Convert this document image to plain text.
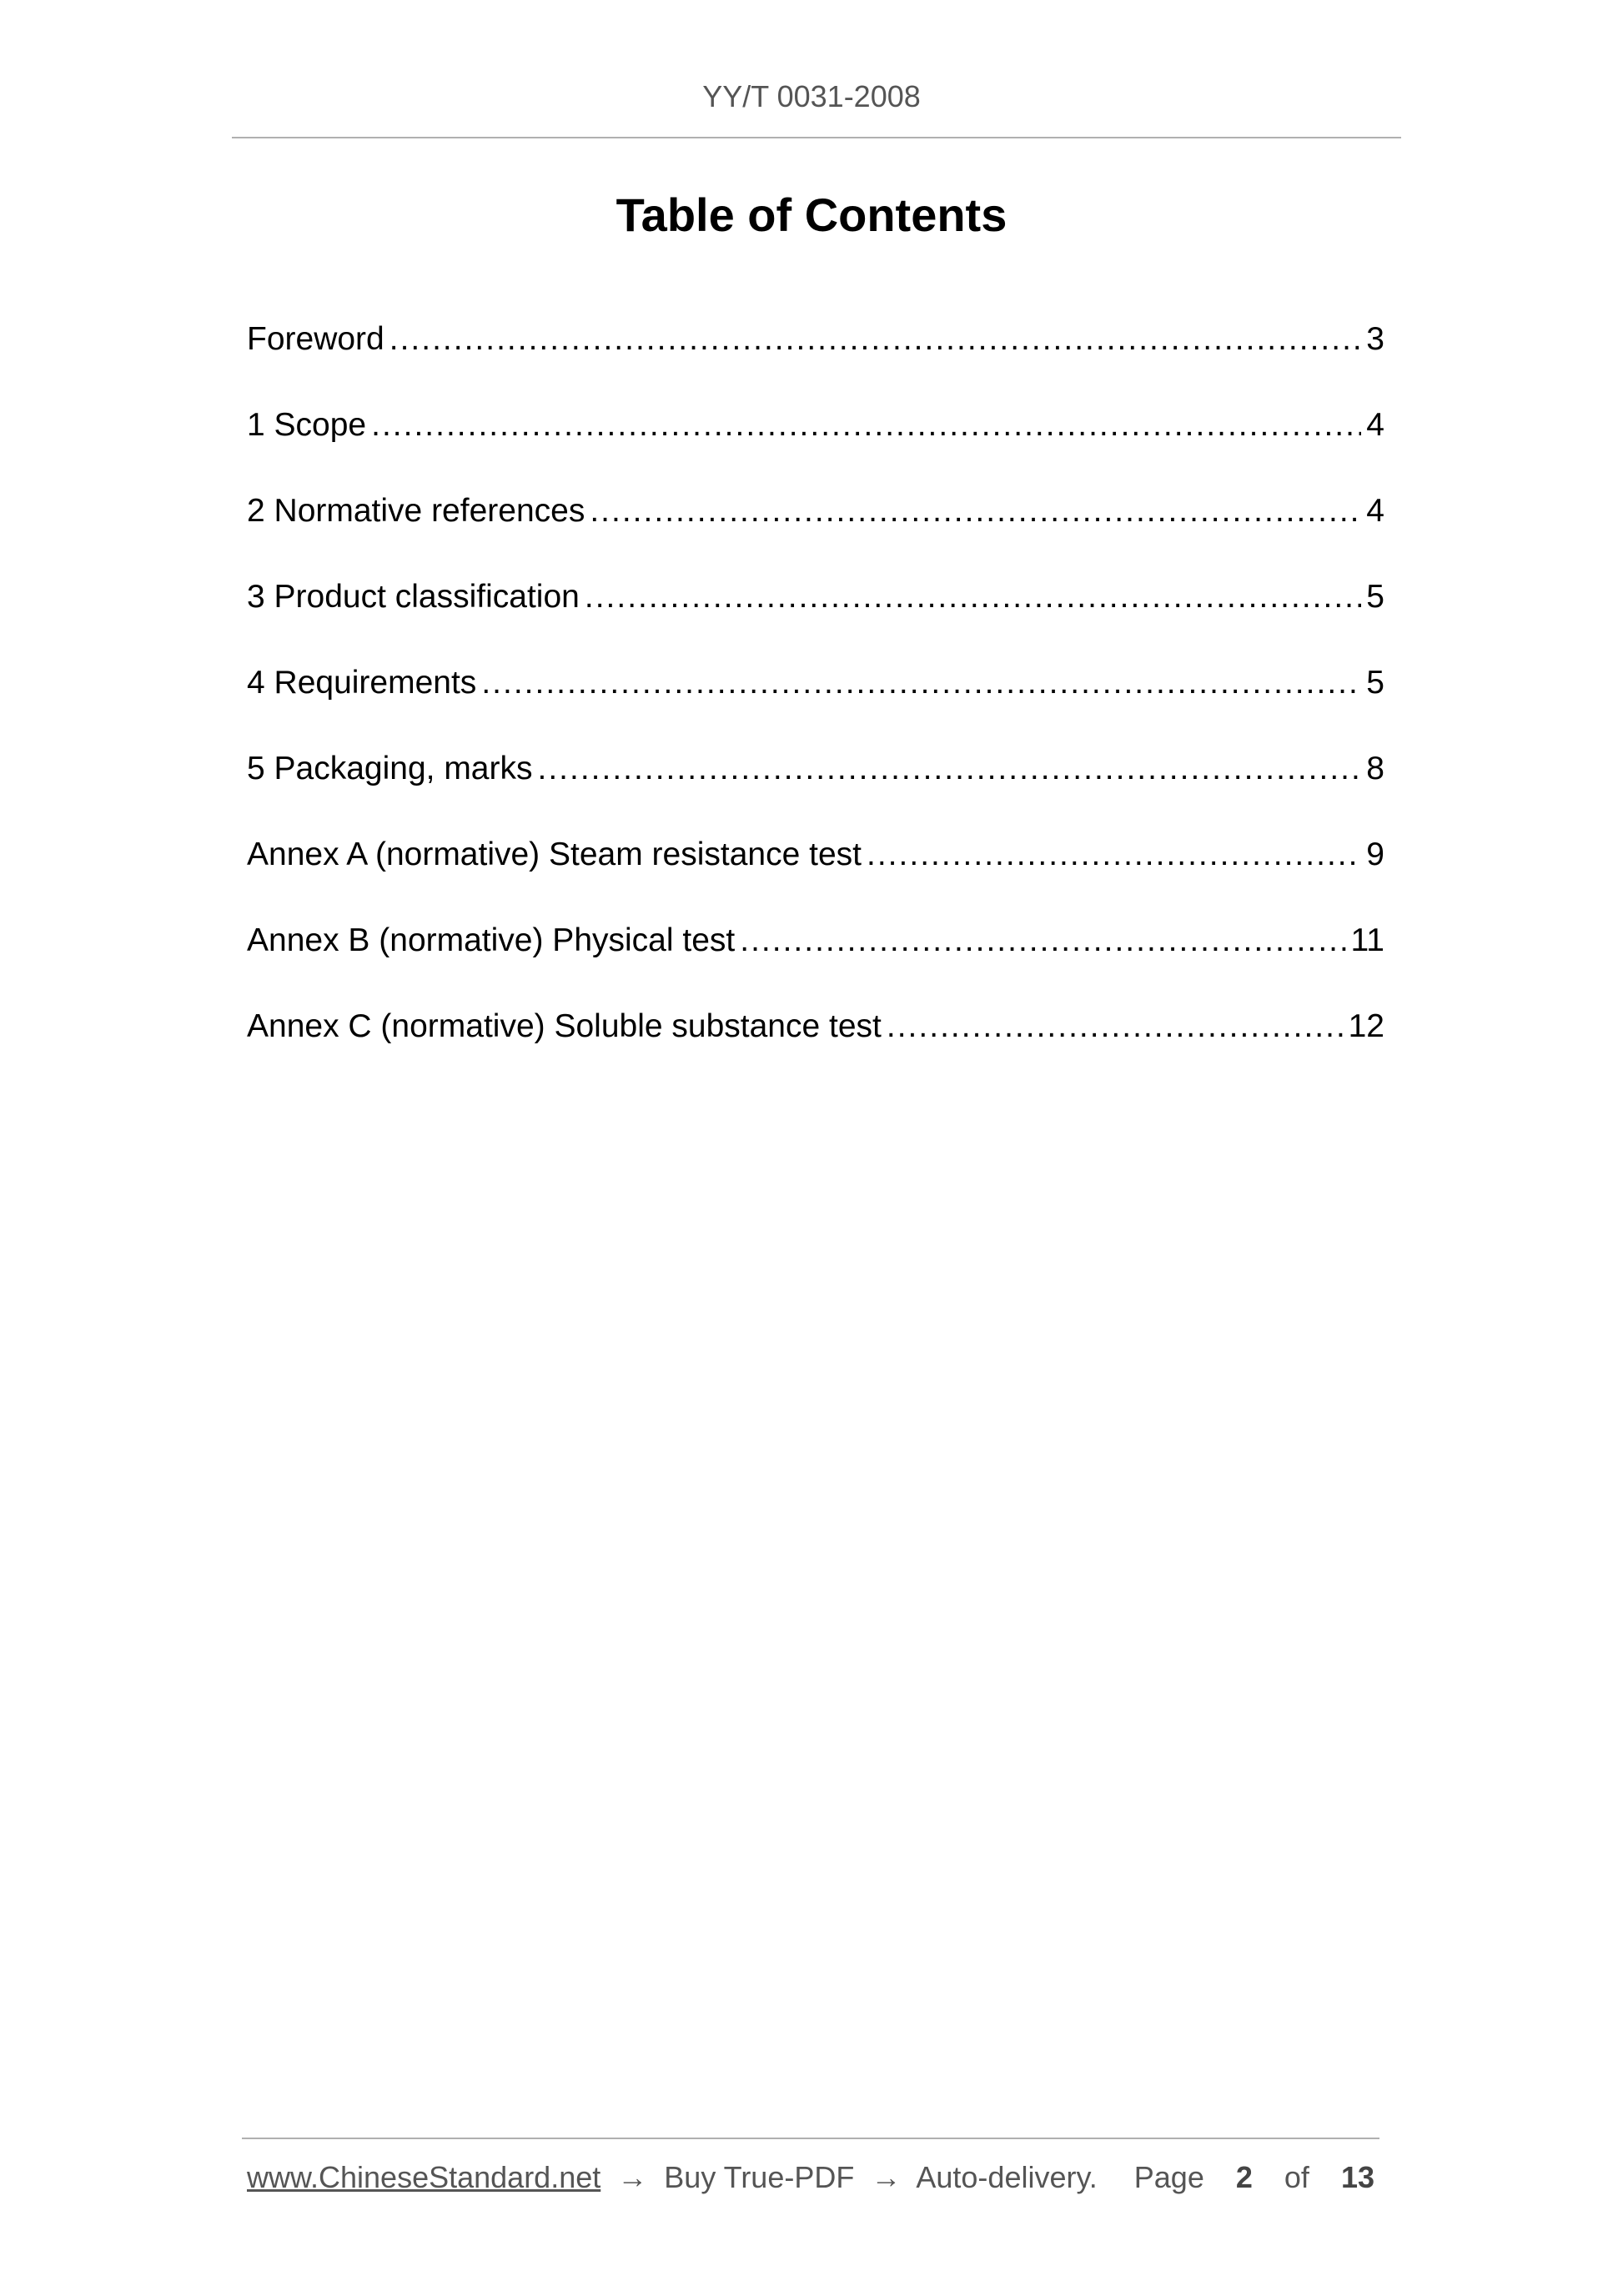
YY/T 0031-2008
Table of Contents
Foreword .....	3
1 Scope .....	4
2 Normative references .....	4
3 Product classification .....	5
4 Requirements .....	5
5 Packaging, marks .....	8
Annex A (normative) Steam resistance test .....	9
Annex B (normative) Physical test .....	11
Annex C (normative) Soluble substance test .....	12
www.ChineseStandard.net → Buy True-PDF → Auto-delivery. Page 2 of 13
